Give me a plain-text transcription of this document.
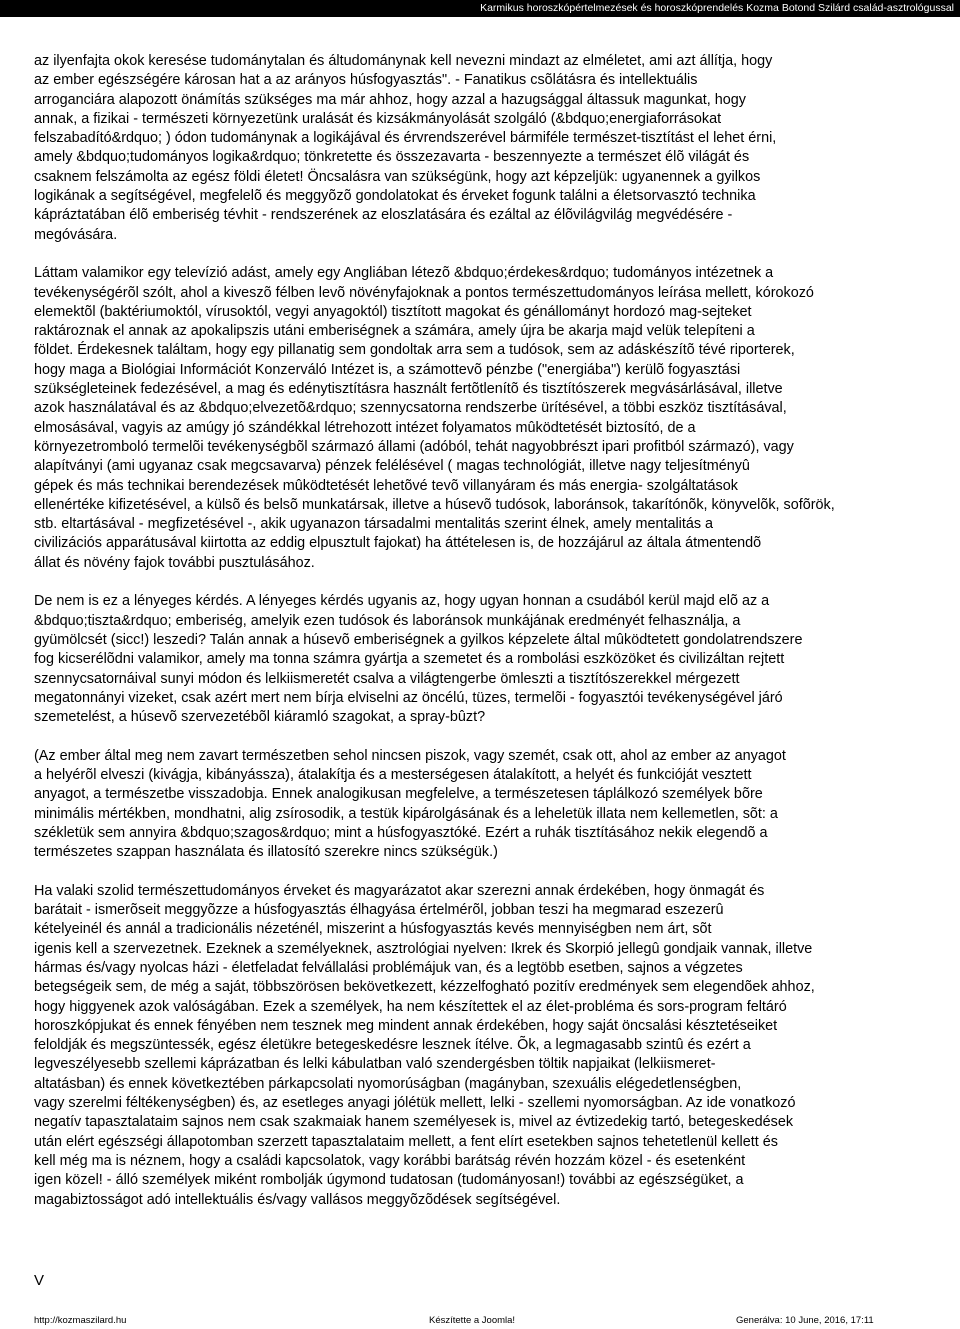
Karmikus horoszkópértelmezések és horoszkóprendelés Kozma Botond Szilárd család-asztrológussal

az ilyenfajta okok keresése tudománytalan és áltudománynak kell nevezni mindazt az elméletet, ami azt állítja, hogy
az ember egészségére károsan hat a az arányos húsfogyasztás". - Fanatikus csõlátásra és intellektuális
arroganciára alapozott önámítás szükséges ma már ahhoz, hogy azzal a hazugsággal áltassuk magunkat, hogy
annak, a fizikai - természeti környezetünk uralását és kizsákmányolását szolgáló (&bdquo;energiaforrásokat
felszabadító&rdquo; ) ódon tudománynak a logikájával és érvrendszerével bármiféle természet-tisztítást el lehet érni,
amely &bdquo;tudományos logika&rdquo; tönkretette és összezavarta - beszennyezte a természet élõ világát és
csaknem felszámolta az egész földi életet! Öncsalásra van szükségünk, hogy azt képzeljük: ugyanennek a gyilkos
logikának a segítségével, megfelelõ és meggyõzõ gondolatokat és érveket fogunk találni a életsorvasztó technika
kápráztatában élõ emberiség tévhit - rendszerének az eloszlatására és ezáltal az élõvilágvilág megvédésére -
megóvására.

Láttam valamikor egy televízió adást, amely egy Angliában létezõ &bdquo;érdekes&rdquo; tudományos intézetnek a
tevékenységérõl szólt, ahol a kiveszõ félben levõ növényfajoknak a pontos természettudományos leírása mellett, kórokozó
elemektõl (baktériumoktól, vírusoktól, vegyi anyagoktól) tisztított magokat és génállományt hordozó mag-sejteket
raktároznak el annak az apokalipszis utáni emberiségnek a számára, amely újra be akarja majd velük telepíteni a
földet. Érdekesnek találtam, hogy egy pillanatig sem gondoltak arra sem a tudósok, sem az adáskészítõ tévé riporterek,
hogy maga a Biológiai Információt Konzerváló Intézet is, a számottevõ pénzbe ("energiába") kerülõ fogyasztási
szükségleteinek fedezésével, a mag és edénytisztításra használt fertõtlenítõ és tisztítószerek megvásárlásával, illetve
azok használatával és az &bdquo;elvezetõ&rdquo; szennycsatorna rendszerbe ürítésével, a többi eszköz tisztításával,
elmosásával, vagyis az amúgy jó szándékkal létrehozott intézet folyamatos mûködtetését biztosító, de a
környezetromboló termelõi tevékenységbõl származó állami (adóból, tehát nagyobbrészt ipari profitból származó), vagy
alapítványi (ami ugyanaz csak megcsavarva) pénzek felélésével ( magas technológiát, illetve nagy teljesítményû
gépek és más technikai berendezések mûködtetését lehetõvé tevõ villanyáram és más energia- szolgáltatások
ellenértéke kifizetésével, a külsõ és belsõ munkatársak, illetve a húsevõ tudósok, laboránsok, takarítónõk, könyvelõk, sofõrök,
stb. eltartásával - megfizetésével -, akik ugyanazon társadalmi mentalitás szerint élnek, amely mentalitás a
civilizációs apparátusával kiirtotta az eddig elpusztult fajokat) ha áttételesen is, de hozzájárul az általa átmentendõ
állat és növény fajok további pusztulásához.

De nem is ez a lényeges kérdés. A lényeges kérdés ugyanis az, hogy ugyan honnan a csudából kerül majd elõ az a
&bdquo;tiszta&rdquo; emberiség, amelyik ezen tudósok és laboránsok munkájának eredményét felhasználja, a
gyümölcsét (sicc!) leszedi? Talán annak a húsevõ emberiségnek a gyilkos képzelete által mûködtetett gondolatrendszere
fog kicserélõdni valamikor, amely ma tonna számra gyártja a szemetet és a rombolási eszközöket és civilizáltan rejtett
szennycsatornáival sunyi módon és lelkiismeretét csalva a világtengerbe ömleszti a tisztítószerekkel mérgezett
megatonnányi vizeket, csak azért mert nem bírja elviselni az öncélú, tüzes, termelõi - fogyasztói tevékenységével járó
szemetelést, a húsevõ szervezetébõl kiáramló szagokat, a spray-bûzt?

(Az ember által meg nem zavart természetben sehol nincsen piszok, vagy szemét, csak ott, ahol az ember az anyagot
a helyérõl elveszi (kivágja, kibányássza), átalakítja és a mesterségesen átalakított, a helyét és funkcióját vesztett
anyagot, a természetbe visszadobja. Ennek analogikusan megfelelve, a természetesen táplálkozó személyek bõre
minimális mértékben, mondhatni, alig zsírosodik, a testük kipárolgásának és a leheletük illata nem kellemetlen, sõt: a
székletük sem annyira &bdquo;szagos&rdquo; mint a húsfogyasztóké. Ezért a ruhák tisztításához nekik elegendõ a
természetes szappan használata és illatosító szerekre nincs szükségük.)

Ha valaki szolid természettudományos érveket és magyarázatot akar szerezni annak érdekében, hogy önmagát és
barátait - ismerõseit meggyõzze a húsfogyasztás élhagyása értelmérõl, jobban teszi ha megmarad eszezerû
kételyeinél és annál a tradicionális nézeténél, miszerint a húsfogyasztás kevés mennyiségben nem árt, sõt
igenis kell a szervezetnek. Ezeknek a személyeknek, asztrológiai nyelven: Ikrek és Skorpió jellegû gondjaik vannak, illetve
hármas és/vagy nyolcas házi - életfeladat felvállalási problémájuk van, és a legtöbb esetben, sajnos a végzetes
betegségeik sem, de még a saját, többszörösen bekövetkezett, kézzelfogható pozitív eredmények sem elegendõek ahhoz,
hogy higgyenek azok valóságában. Ezek a személyek, ha nem készítettek el az élet-probléma és sors-program feltáró
horoszkópjukat és ennek fényében nem tesznek meg mindent annak érdekében, hogy saját öncsalási késztetéseiket
feloldják és megszüntessék, egész életükre betegeskedésre lesznek ítélve. Õk, a legmagasabb szintû és ezért a
legveszélyesebb szellemi káprázatban és lelki kábulatban való szendergésben töltik napjaikat (lelkiismeret-
altatásban) és ennek következtében párkapcsolati nyomorúságban (magányban, szexuális elégedetlenségben,
vagy szerelmi féltékenységben) és, az esetleges anyagi jólétük mellett, lelki - szellemi nyomorságban. Az ide vonatkozó
negatív tapasztalataim sajnos nem csak szakmaiak hanem személyesek is, mivel az évtizedekig tartó, betegeskedések
után elért egészségi állapotomban szerzett tapasztalataim mellett, a fent elírt esetekben sajnos tehetetlenül kellett és
kell még ma is néznem, hogy a családi kapcsolatok, vagy korábbi barátság révén hozzám közel - és esetenként
igen közel! - álló személyek miként rombolják úgymond tudatosan (tudományosan!) további az egészségüket, a
magabiztosságot adó intellektuális és/vagy vallásos meggyõzõdések segítségével.

V
http://kozmaszilard.hu	Készítette a Joomla!	Generálva: 10 June, 2016, 17:11
